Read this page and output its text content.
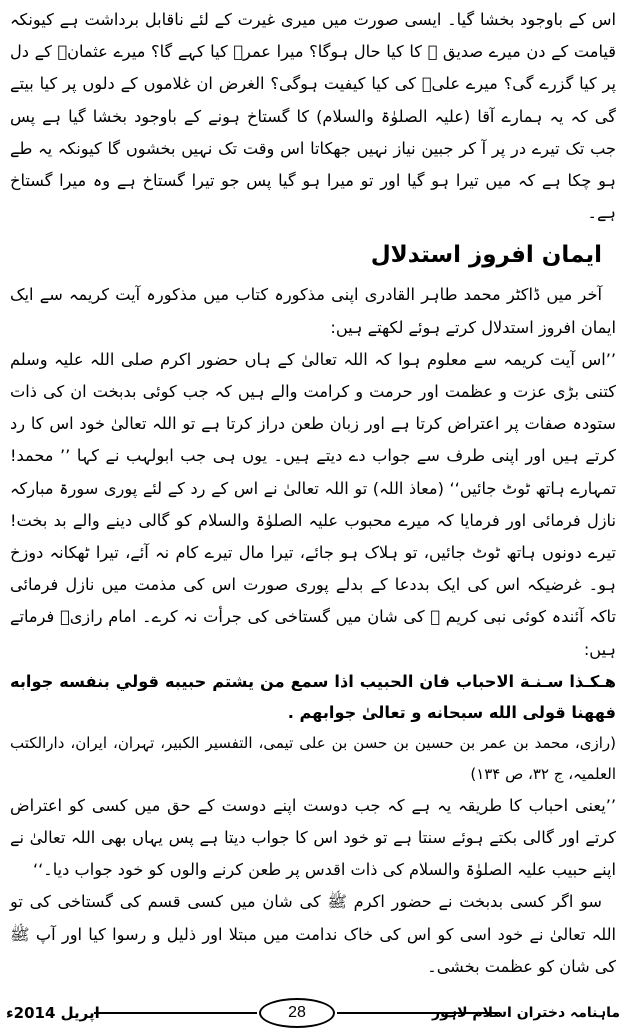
اس کے باوجود بخشا گیا۔ ایسی صورت میں میری غیرت کے لئے ناقابل برداشت ہے کیونکہ قیامت کے دن میرے صدیق ؓ کا کیا حال ہوگا؟ میرا عمرؓ کیا کہے گا؟ میرے عثمانؓ کے دل پر کیا گزرے گی؟ میرے علیؓ کی کیا کیفیت ہوگی؟ الغرض ان غلاموں کے دلوں پر کیا بیتے گی کہ یہ ہمارے آقا (علیہ الصلوٰۃ والسلام) کا گستاخ ہونے کے باوجود بخشا گیا ہے پس جب تک تیرے در پر آ کر جبین نیاز نہیں جھکاتا اس وقت تک نہیں بخشوں گا کیونکہ یہ طے ہو چکا ہے کہ میں تیرا ہو گیا اور تو میرا ہو گیا پس جو تیرا گستاخ ہے وہ میرا گستاخ ہے۔

ایمان افروز استدلال

آخر میں ڈاکٹر محمد طاہر القادری اپنی مذکورہ کتاب میں مذکورہ آیت کریمہ سے ایک ایمان افروز استدلال کرتے ہوئے لکھتے ہیں:

’’اس آیت کریمہ سے معلوم ہوا کہ اللہ تعالیٰ کے ہاں حضور اکرم صلی اللہ علیہ وسلم کتنی بڑی عزت و عظمت اور حرمت و کرامت والے ہیں کہ جب کوئی بدبخت ان کی ذات ستودہ صفات پر اعتراض کرتا ہے اور زبان طعن دراز کرتا ہے تو اللہ تعالیٰ خود اس کا رد کرتے ہیں اور اپنی طرف سے جواب دے دیتے ہیں۔ یوں ہی جب ابولہب نے کہا ’’ محمد! تمہارے ہاتھ ٹوٹ جائیں‘‘ (معاذ اللہ) تو اللہ تعالیٰ نے اس کے رد کے لئے پوری سورۃ مبارکہ نازل فرمائی اور فرمایا کہ میرے محبوب علیہ الصلوٰۃ والسلام کو گالی دینے والے بد بخت! تیرے دونوں ہاتھ ٹوٹ جائیں، تو ہلاک ہو جائے، تیرا مال تیرے کام نہ آئے، تیرا ٹھکانہ دوزخ ہو۔ غرضیکہ اس کی ایک بددعا کے بدلے پوری صورت اس کی مذمت میں نازل فرمائی تاکہ آئندہ کوئی نبی کریم ﷺ کی شان میں گستاخی کی جرأت نہ کرے۔ امام رازیؒ فرماتے ہیں:

هـكـذا سـنـة الاحباب فان الحبيب اذا سمع من يشتم حبيبه قولي بنفسه جوابه فههنا قولى الله سبحانه و تعالیٰ جوابهم .

(رازی، محمد بن عمر بن حسین بن حسن بن علی تیمی، التفسیر الکبیر، تہران، ایران، دارالکتب العلمیہ، ج ۳۲، ص ۱۳۴)

’’یعنی احباب کا طریقہ یہ ہے کہ جب دوست اپنے دوست کے حق میں کسی کو اعتراض کرتے اور گالی بکتے ہوئے سنتا ہے تو خود اس کا جواب دیتا ہے پس یہاں بھی اللہ تعالیٰ نے اپنے حبیب علیہ الصلوٰۃ والسلام کی ذات اقدس پر طعن کرنے والوں کو خود جواب دیا۔‘‘

سو اگر کسی بدبخت نے حضور اکرم ﷺ کی شان میں کسی قسم کی گستاخی کی تو اللہ تعالیٰ نے خود اسی کو اس کی خاک ندامت میں مبتلا اور ذلیل و رسوا کیا اور آپ ﷺ کی شان کو عظمت بخشی۔

اپریل 2014ء	28	ماہنامہ دختران اسلام لاہور
